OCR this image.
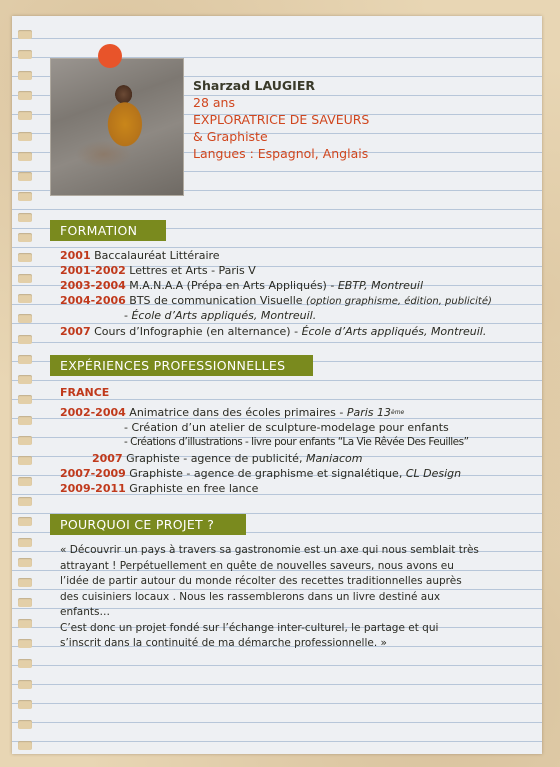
Sharzad LAUGIER
28 ans
EXPLORATRICE DE SAVEURS
& Graphiste
Langues : Espagnol, Anglais
FORMATION
2001 Baccalauréat Littéraire
2001-2002 Lettres et Arts - Paris V
2003-2004 M.A.N.A.A (Prépa en Arts Appliqués) - EBTP, Montreuil
2004-2006 BTS de communication Visuelle (option graphisme, édition, publicité)
- École d’Arts appliqués, Montreuil.
2007 Cours d’Infographie (en alternance) - École d’Arts appliqués, Montreuil.
EXPÉRIENCES PROFESSIONNELLES
FRANCE
2002-2004 Animatrice dans des écoles primaires - Paris 13ème
- Création d’un atelier de sculpture-modelage pour enfants
- Créations d’illustrations - livre pour enfants “La Vie Rêvée Des Feuilles”
2007 Graphiste - agence de publicité, Maniacom
2007-2009 Graphiste - agence de graphisme et signalétique, CL Design
2009-2011 Graphiste en free lance
POURQUOI CE PROJET ?

« Découvrir un pays à travers sa gastronomie est un axe qui nous semblait très attrayant ! Perpétuellement en quête de nouvelles saveurs, nous avons eu l’idée de partir autour du monde récolter des recettes traditionnelles auprès des cuisiniers locaux . Nous les rassemblerons dans un livre destiné aux enfants…

C’est donc un projet fondé sur l’échange inter-culturel, le partage et qui s’inscrit dans la continuité de ma démarche professionnelle. »
